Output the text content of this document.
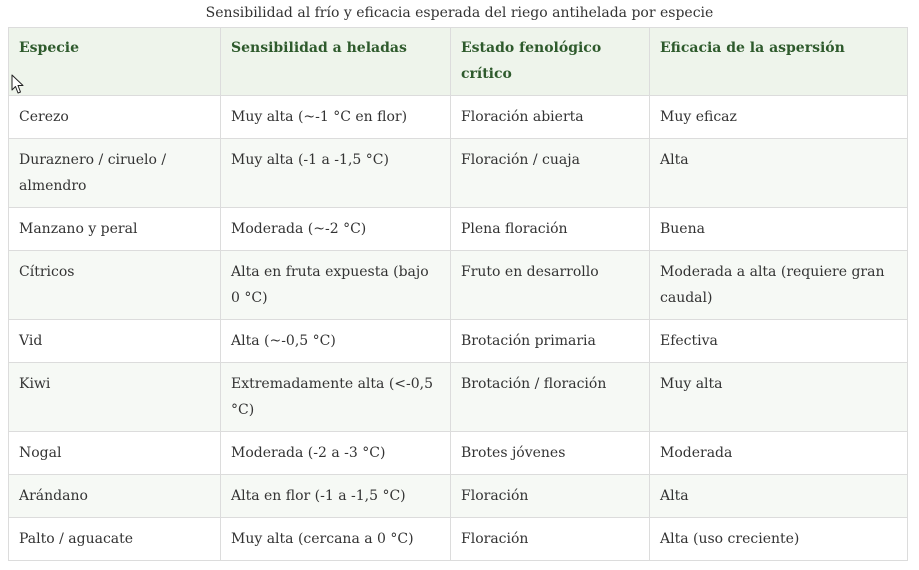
Sensibilidad al frío y eficacia esperada del riego antihelada por especie
Especie	Sensibilidad a heladas	Estado fenológico crítico	Eficacia de la aspersión
Cerezo	Muy alta (~-1 °C en flor)	Floración abierta	Muy eficaz
Duraznero / ciruelo / almendro	Muy alta (-1 a -1,5 °C)	Floración / cuaja	Alta
Manzano y peral	Moderada (~-2 °C)	Plena floración	Buena
Cítricos	Alta en fruta expuesta (bajo 0 °C)	Fruto en desarrollo	Moderada a alta (requiere gran caudal)
Vid	Alta (~-0,5 °C)	Brotación primaria	Efectiva
Kiwi	Extremadamente alta (<-0,5 °C)	Brotación / floración	Muy alta
Nogal	Moderada (-2 a -3 °C)	Brotes jóvenes	Moderada
Arándano	Alta en flor (-1 a -1,5 °C)	Floración	Alta
Palto / aguacate	Muy alta (cercana a 0 °C)	Floración	Alta (uso creciente)
